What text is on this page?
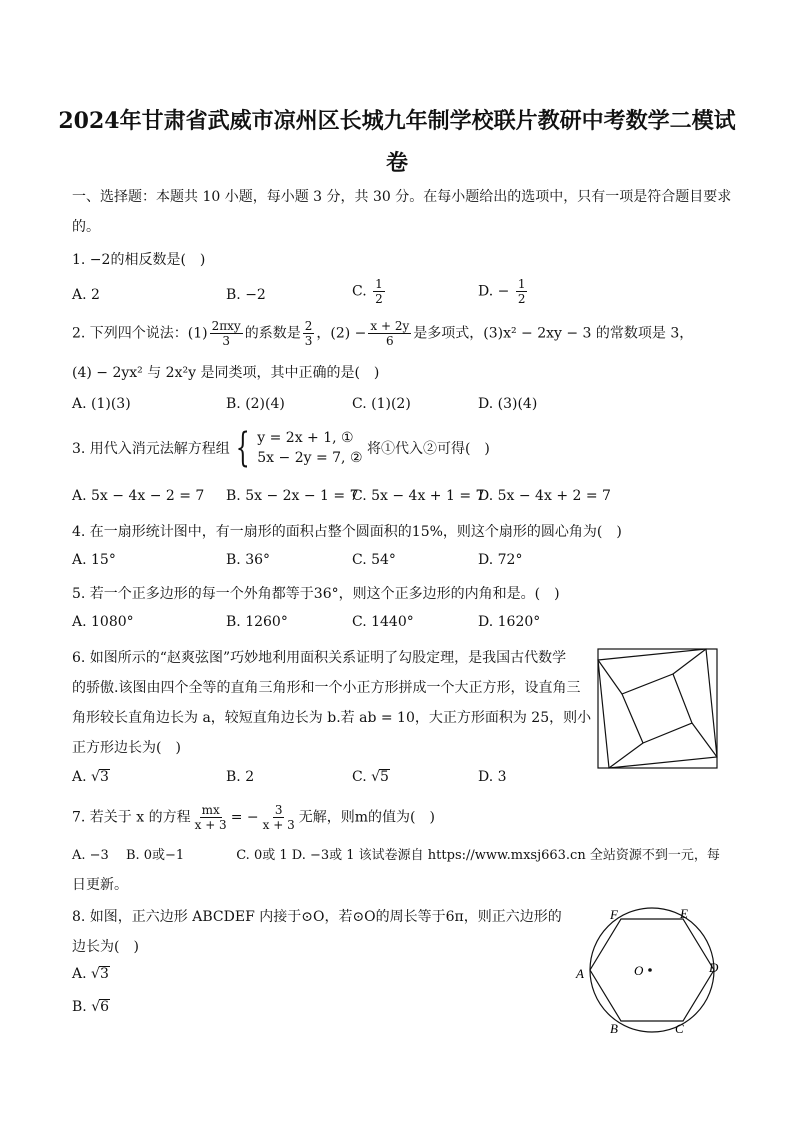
2024年甘肃省武威市凉州区长城九年制学校联片教研中考数学二模试
卷
一、选择题：本题共 10 小题，每小题 3 分，共 30 分。在每小题给出的选项中，只有一项是符合题目要求
的。
1. −2的相反数是(　)
A. 2	B. −2	C. $\frac{1}{2}$	D. − $\frac{1}{2}$
2. 下列四个说法：$(1) \frac{\text{2πxy}}{3}$ 的系数是 $\frac{2}{3}$ ，$(2) - \frac{x + 2y}{6}$ 是多项式，(3)x² − 2xy − 3 的常数项是 3，
(4) − 2yx² 与 2x²y 是同类项，其中正确的是(　)
A. (1)(3)	B. (2)(4)	C. (1)(2)	D. (3)(4)
3. 用代入消元法解方程组 { y = 2x + 1, ①
5x − 2y = 7, ②
将①代入②可得(　)
A. 5x − 4x − 2 = 7 B. 5x − 2x − 1 = 7
C. 5x − 4x + 1 = 7
D. 5x − 4x + 2 = 7
4. 在一扇形统计图中，有一扇形的面积占整个圆面积的15%，则这个扇形的圆心角为(　)
A. 15°	B. 36°	C. 54°	D. 72°
5. 若一个正多边形的每一个外角都等于36°，则这个正多边形的内角和是。(　)
A. 1080°	B. 1260°	C. 1440°	D. 1620°
6. 如图所示的“赵爽弦图”巧妙地利用面积关系证明了勾股定理，是我国古代数学
的骄傲.该图由四个全等的直角三角形和一个小正方形拼成一个大正方形，设直角三
角形较长直角边长为 a，较短直角边长为 b.若 ab = 10，大正方形面积为 25，则小
正方形边长为(　)
A. √3	B. 2	C. √5	D. 3
7. 若关于 x 的方程 $\frac{mx}{x + 3}$ = − $\frac{3}{x + 3}$ 无解，则m的值为(　)
A. −3　 B. 0或−1　　　　C. 0或 1 D. −3或 1 该试卷源自 https://www.mxsj663.cn 全站资源不到一元，每
日更新。
8. 如图，正六边形 ABCDEF 内接于⊙O，若⊙O的周长等于6π，则正六边形的
边长为(　)
A. √3
B. √6
F	E
A	O	D
B	C
